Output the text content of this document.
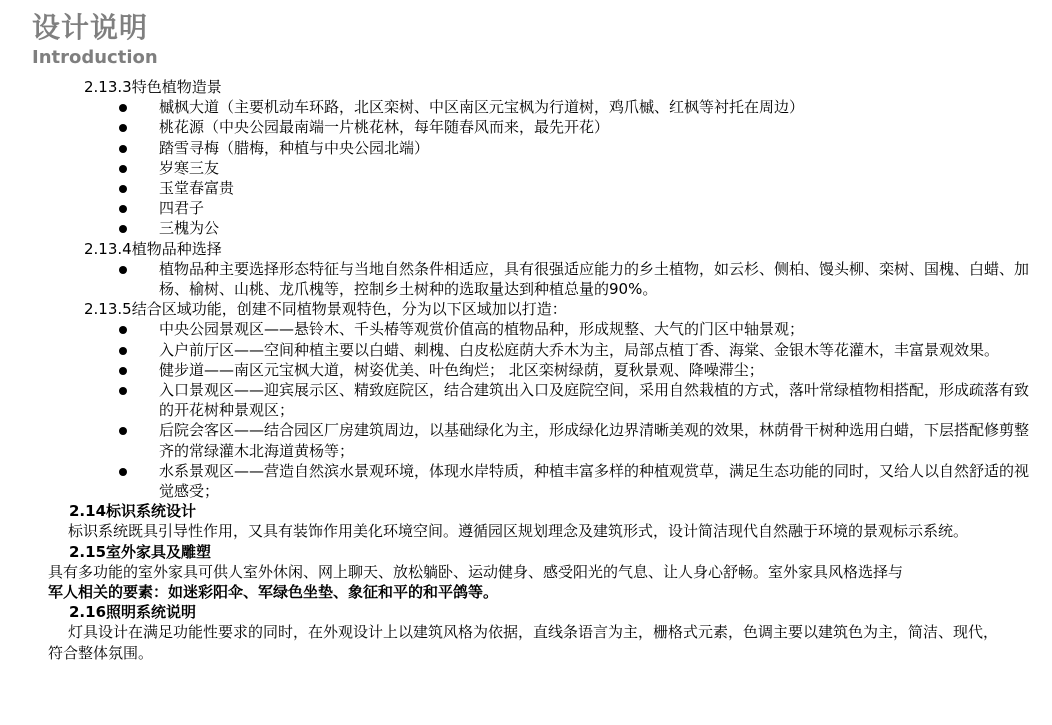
设计说明
Introduction
2.13.3特色植物造景
槭枫大道（主要机动车环路，北区栾树、中区南区元宝枫为行道树，鸡爪槭、红枫等衬托在周边）
桃花源（中央公园最南端一片桃花林，每年随春风而来，最先开花）
踏雪寻梅（腊梅，种植与中央公园北端）
岁寒三友
玉堂春富贵
四君子
三槐为公
2.13.4植物品种选择
植物品种主要选择形态特征与当地自然条件相适应，具有很强适应能力的乡土植物，如云杉、侧柏、馒头柳、栾树、国槐、白蜡、加杨、榆树、山桃、龙爪槐等，控制乡土树种的选取量达到种植总量的90%。
2.13.5结合区域功能，创建不同植物景观特色，分为以下区域加以打造：
中央公园景观区——悬铃木、千头椿等观赏价值高的植物品种，形成规整、大气的门区中轴景观；
入户前厅区——空间种植主要以白蜡、刺槐、白皮松庭荫大乔木为主，局部点植丁香、海棠、金银木等花灌木，丰富景观效果。
健步道——南区元宝枫大道，树姿优美、叶色绚烂； 北区栾树绿荫，夏秋景观、降噪滞尘；
入口景观区——迎宾展示区、精致庭院区，结合建筑出入口及庭院空间，采用自然栽植的方式，落叶常绿植物相搭配，形成疏落有致的开花树种景观区；
后院会客区——结合园区厂房建筑周边，以基础绿化为主，形成绿化边界清晰美观的效果，林荫骨干树种选用白蜡，下层搭配修剪整齐的常绿灌木北海道黄杨等；
水系景观区——营造自然滨水景观环境，体现水岸特质，种植丰富多样的种植观赏草，满足生态功能的同时，又给人以自然舒适的视觉感受；
2.14标识系统设计
标识系统既具引导性作用，又具有装饰作用美化环境空间。遵循园区规划理念及建筑形式，设计简洁现代自然融于环境的景观标示系统。
2.15室外家具及雕塑
具有多功能的室外家具可供人室外休闲、网上聊天、放松躺卧、运动健身、感受阳光的气息、让人身心舒畅。室外家具风格选择与
军人相关的要素：如迷彩阳伞、军绿色坐垫、象征和平的和平鸽等。
2.16照明系统说明
灯具设计在满足功能性要求的同时，在外观设计上以建筑风格为依据，直线条语言为主，栅格式元素，色调主要以建筑色为主，简洁、现代，符合整体氛围。
